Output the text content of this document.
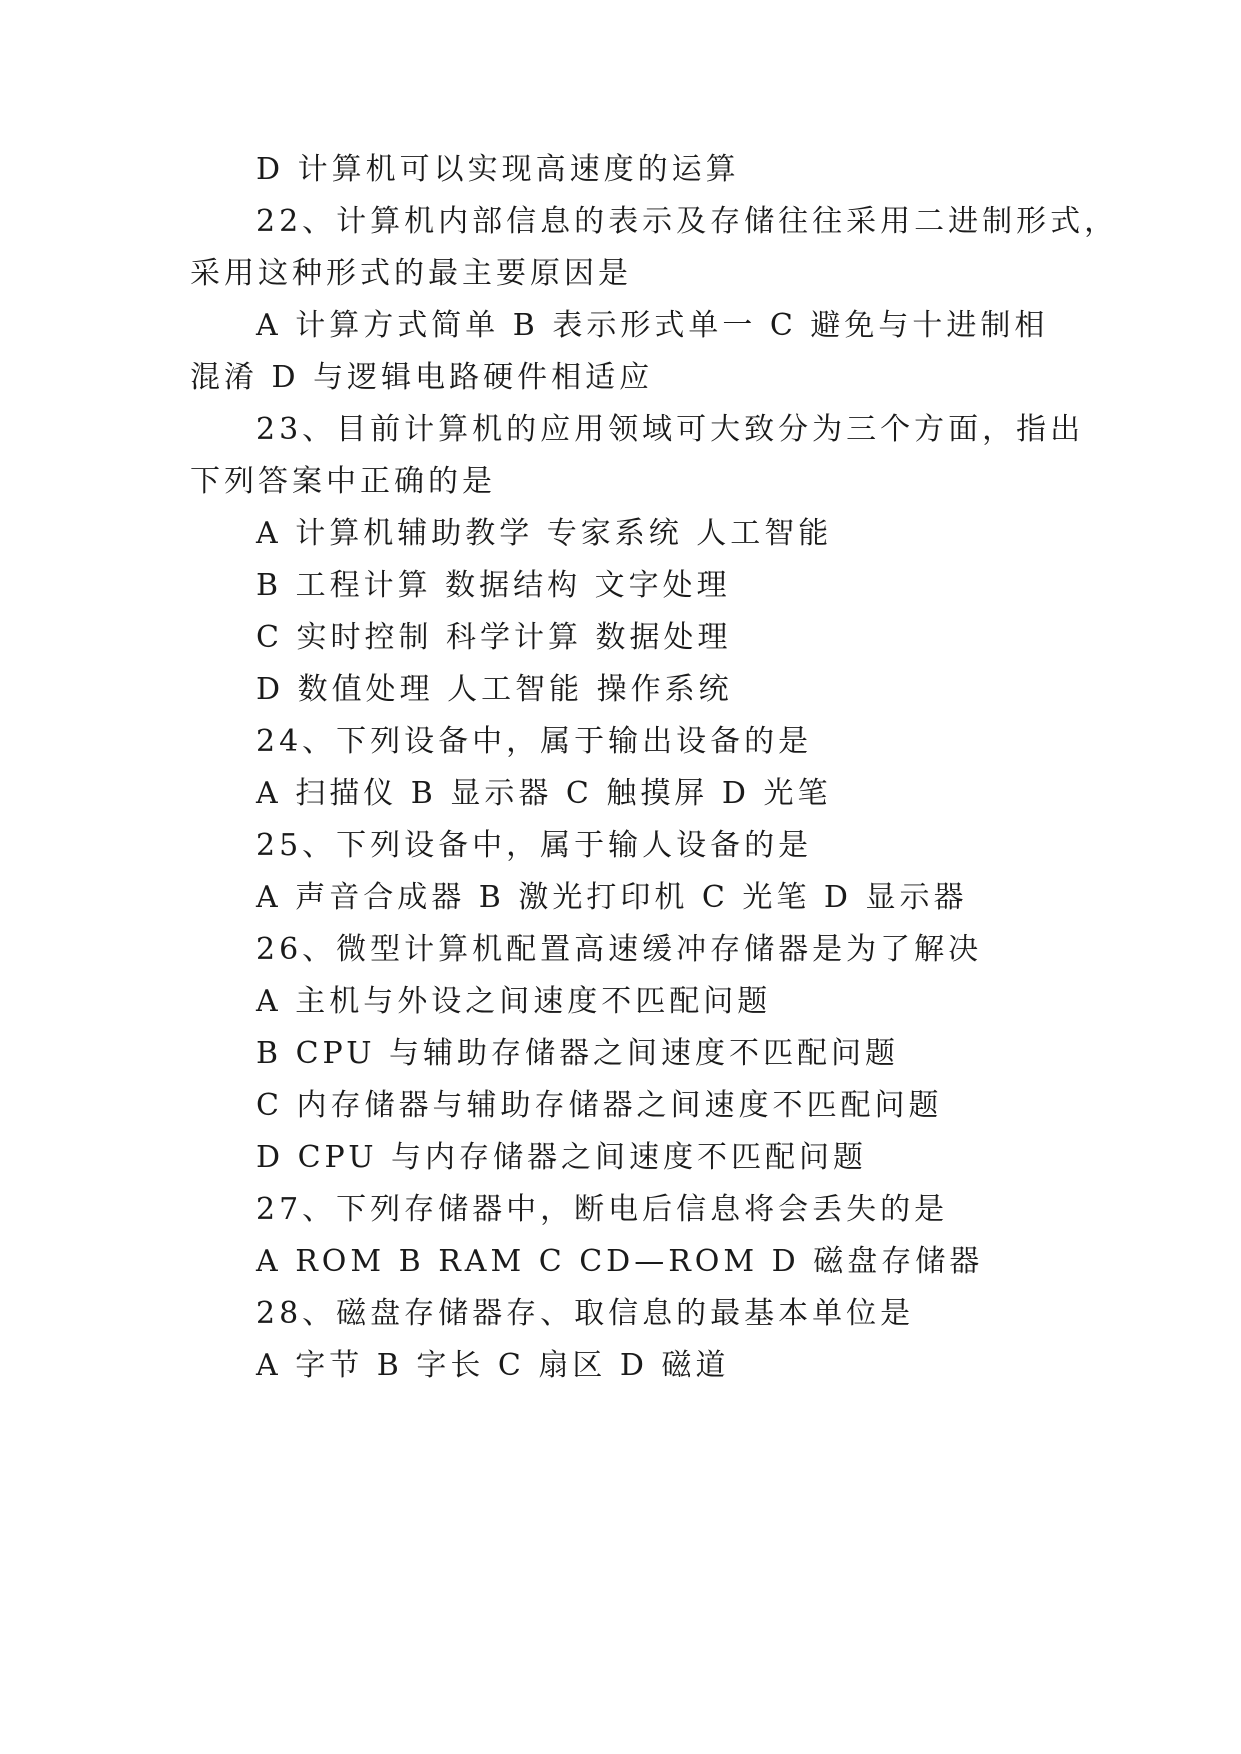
D 计算机可以实现高速度的运算
22、计算机内部信息的表示及存储往往采用二进制形式，
采用这种形式的最主要原因是
A 计算方式简单 B 表示形式单一 C 避免与十进制相
混淆 D 与逻辑电路硬件相适应
23、目前计算机的应用领域可大致分为三个方面，指出
下列答案中正确的是
A 计算机辅助教学 专家系统 人工智能
B 工程计算 数据结构 文字处理
C 实时控制 科学计算 数据处理
D 数值处理 人工智能 操作系统
24、下列设备中，属于输出设备的是
A 扫描仪 B 显示器 C 触摸屏 D 光笔
25、下列设备中，属于输人设备的是
A 声音合成器 B 激光打印机 C 光笔 D 显示器
26、微型计算机配置高速缓冲存储器是为了解决
A 主机与外设之间速度不匹配问题
B CPU 与辅助存储器之间速度不匹配问题
C 内存储器与辅助存储器之间速度不匹配问题
D CPU 与内存储器之间速度不匹配问题
27、下列存储器中，断电后信息将会丢失的是
A ROM B RAM C CD—ROM D 磁盘存储器
28、磁盘存储器存、取信息的最基本单位是
A 字节 B 字长 C 扇区 D 磁道
